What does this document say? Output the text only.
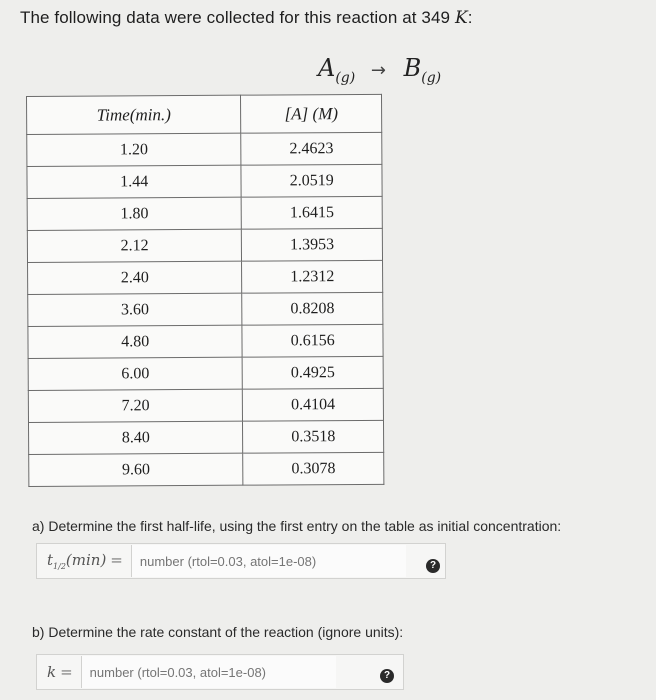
The following data were collected for this reaction at 349 K:
$A_{(g)} \to B_{(g)}$
Time(min.)	[A] (M)
1.20	2.4623
1.44	2.0519
1.80	1.6415
2.12	1.3953
2.40	1.2312
3.60	0.8208
4.80	0.6156
6.00	0.4925
7.20	0.4104
8.40	0.3518
9.60	0.3078
a) Determine the first half-life, using the first entry on the table as initial concentration:
$t_{1/2}(\min)$ =
number (rtol=0.03, atol=1e-08)	?
b) Determine the rate constant of the reaction (ignore units):
k =
number (rtol=0.03, atol=1e-08)	?
